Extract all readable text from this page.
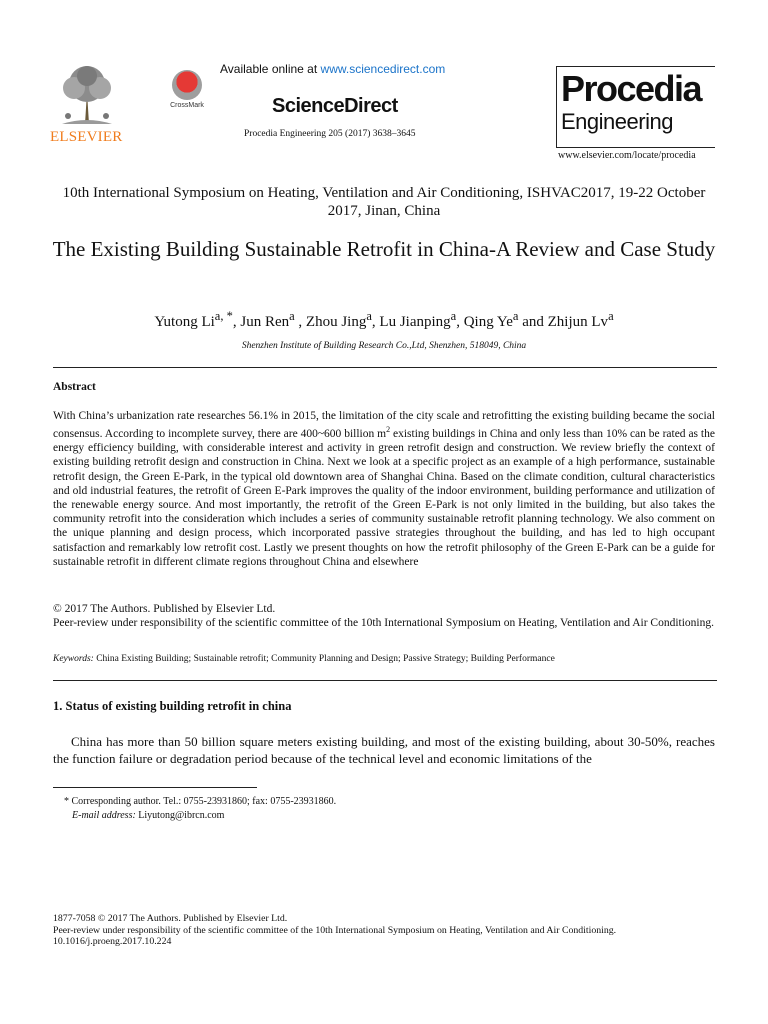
ELSEVIER
CrossMark
Available online at www.sciencedirect.com
ScienceDirect
Procedia Engineering 205 (2017) 3638–3645
Procedia
Engineering
www.elsevier.com/locate/procedia
10th International Symposium on Heating, Ventilation and Air Conditioning, ISHVAC2017, 19-22 October 2017, Jinan, China
The Existing Building Sustainable Retrofit in China-A Review and Case Study
Yutong $Li^{a, *}$, Jun Ren$^a$ , Zhou Jing$^a$, Lu Jianping$^a$, Qing Ye$^a$ and Zhijun Lv$^a$
Shenzhen Institute of Building Research Co.,Ltd, Shenzhen, 518049, China
Abstract
With China’s urbanization rate researches 56.1% in 2015, the limitation of the city scale and retrofitting the existing building became the social consensus. According to incomplete survey, there are 400~600 billion $m^2$ existing buildings in China and only less than 10% can be rated as the energy efficiency building, with considerable interest and activity in green retrofit design and construction. We review briefly the context of existing building retrofit design and construction in China. Next we look at a specific project as an example of a high performance, sustainable retrofit design, the Green E-Park, in the typical old downtown area of Shanghai China. Based on the climate condition, cultural characteristics and old industrial features, the retrofit of Green E-Park improves the quality of the indoor environment, building performance and utilization of the renewable energy source. And most importantly, the retrofit of the Green E-Park is not only limited in the building, but also takes the community retrofit into the consideration which includes a series of community sustainable retrofit planning technology. We also comment on the unique planning and design process, which incorporated passive strategies throughout the building, and has led to high occupant satisfaction and remarkably low retrofit cost. Lastly we present thoughts on how the retrofit philosophy of the Green E-Park can be a guide for sustainable retrofit in different climate regions throughout China and elsewhere
© 2017 The Authors. Published by Elsevier Ltd.
Peer-review under responsibility of the scientific committee of the 10th International Symposium on Heating, Ventilation and Air Conditioning.
Keywords: China Existing Building; Sustainable retrofit; Community Planning and Design; Passive Strategy; Building Performance
1. Status of existing building retrofit in china
China has more than 50 billion square meters existing building, and most of the existing building, about 30-50%, reaches the function failure or degradation period because of the technical level and economic limitations of the
* Corresponding author. Tel.: 0755-23931860; fax: 0755-23931860.
E-mail address: Liyutong@ibrcn.com
1877-7058 © 2017 The Authors. Published by Elsevier Ltd.
Peer-review under responsibility of the scientific committee of the 10th International Symposium on Heating, Ventilation and Air Conditioning.
10.1016/j.proeng.2017.10.224
